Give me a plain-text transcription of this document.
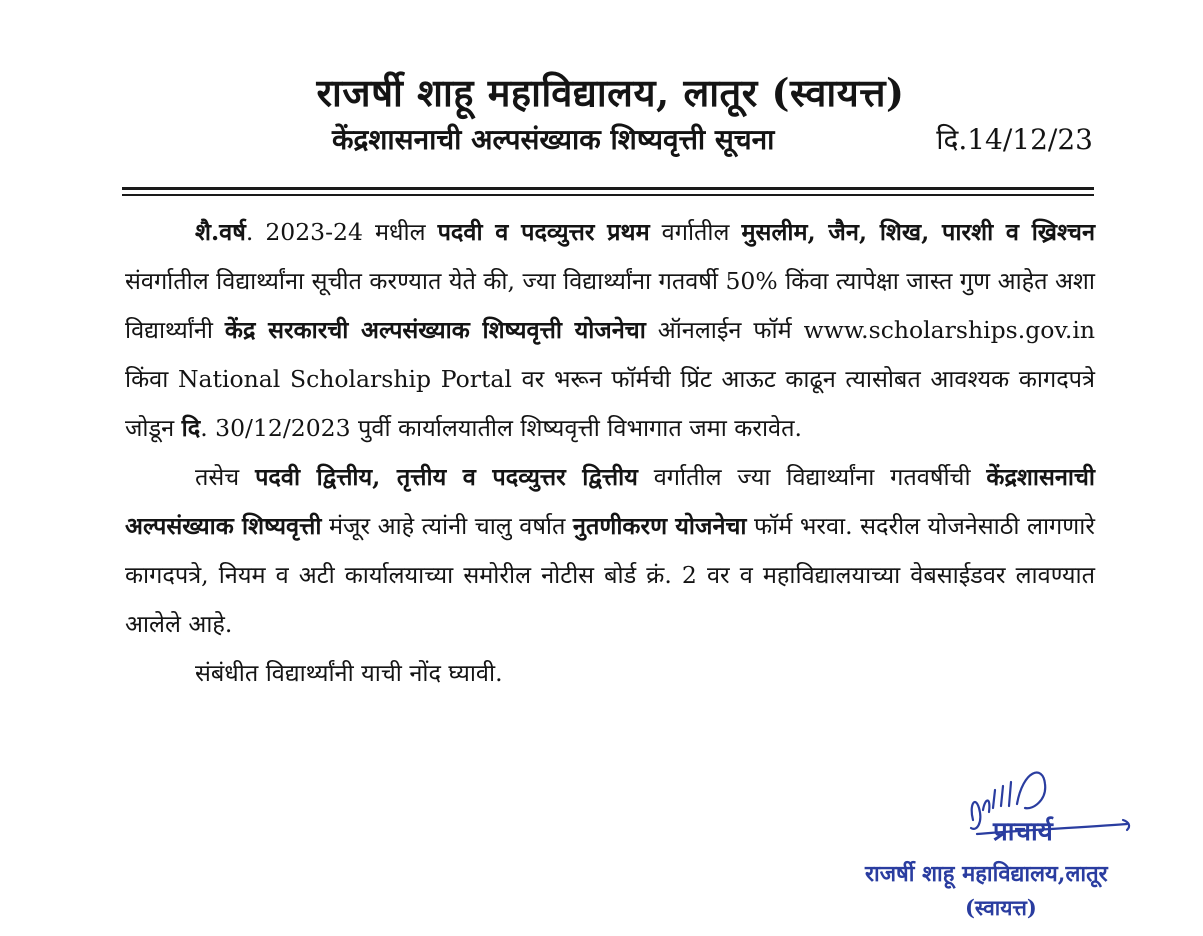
राजर्षी शाहू महाविद्यालय, लातूर (स्वायत्त)
केंद्रशासनाची अल्पसंख्याक शिष्यवृत्ती सूचना	दि.14/12/23

शै.वर्ष. 2023-24 मधील पदवी व पदव्युत्तर प्रथम वर्गातील मुसलीम, जैन, शिख, पारशी व ख्रिश्चन संवर्गातील विद्यार्थ्यांना सूचीत करण्यात येते की, ज्या विद्यार्थ्यांना गतवर्षी 50% किंवा त्यापेक्षा जास्त गुण आहेत अशा विद्यार्थ्यांनी केंद्र सरकारची अल्पसंख्याक शिष्यवृत्ती योजनेचा ऑनलाईन फॉर्म www.scholarships.gov.in किंवा National Scholarship Portal वर भरून फॉर्मची प्रिंट आऊट काढून त्यासोबत आवश्यक कागदपत्रे जोडून दि. 30/12/2023 पुर्वी कार्यालयातील शिष्यवृत्ती विभागात जमा करावेत.

तसेच पदवी द्वित्तीय, तृत्तीय व पदव्युत्तर द्वित्तीय वर्गातील ज्या विद्यार्थ्यांना गतवर्षीची केंद्रशासनाची अल्पसंख्याक शिष्यवृत्ती मंजूर आहे त्यांनी चालु वर्षात नुतणीकरण योजनेचा फॉर्म भरवा. सदरील योजनेसाठी लागणारे कागदपत्रे, नियम व अटी कार्यालयाच्या समोरील नोटीस बोर्ड क्रं. 2 वर व महाविद्यालयाच्या वेबसाईडवर लावण्यात आलेले आहे.

संबंधीत विद्यार्थ्यांनी याची नोंद घ्यावी.

प्राचार्य
राजर्षी शाहू महाविद्यालय,लातूर
(स्वायत्त)
